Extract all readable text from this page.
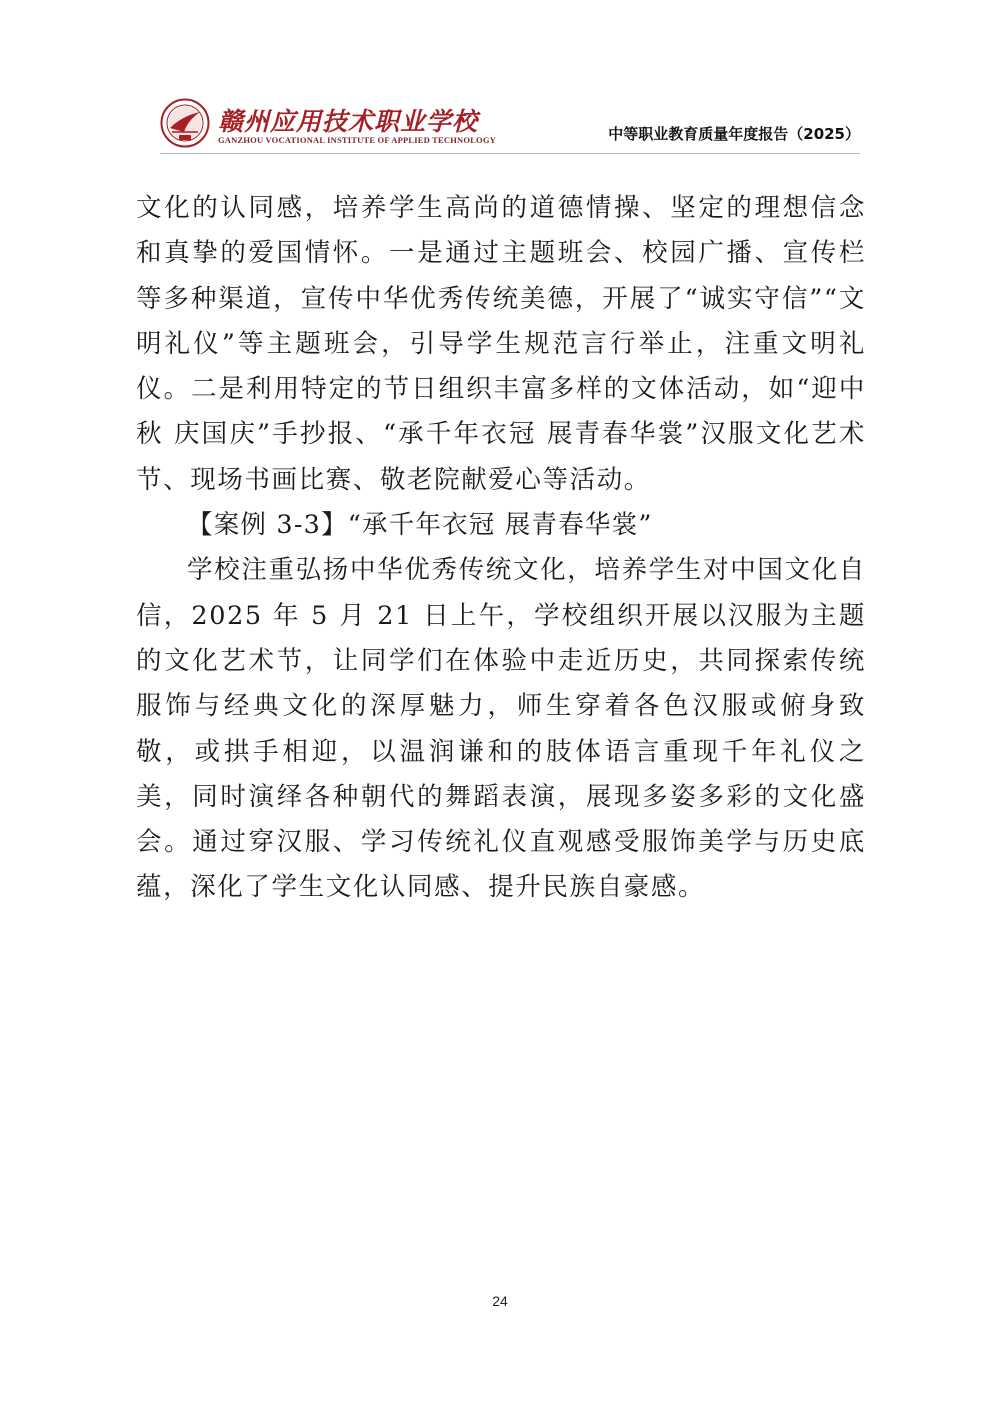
赣州应用技术职业学校
GANZHOU VOCATIONAL INSTITUTE OF APPLIED TECHNOLOGY	中等职业教育质量年度报告（2025）

文化的认同感，培养学生高尚的道德情操、坚定的理想信念和真挚的爱国情怀。一是通过主题班会、校园广播、宣传栏等多种渠道，宣传中华优秀传统美德，开展了“诚实守信”“文明礼仪”等主题班会，引导学生规范言行举止，注重文明礼仪。二是利用特定的节日组织丰富多样的文体活动，如“迎中秋 庆国庆”手抄报、“承千年衣冠 展青春华裳”汉服文化艺术节、现场书画比赛、敬老院献爱心等活动。

【案例 3-3】“承千年衣冠 展青春华裳”

学校注重弘扬中华优秀传统文化，培养学生对中国文化自信，2025 年 5 月 21 日上午，学校组织开展以汉服为主题的文化艺术节，让同学们在体验中走近历史，共同探索传统服饰与经典文化的深厚魅力，师生穿着各色汉服或俯身致敬，或拱手相迎，以温润谦和的肢体语言重现千年礼仪之美，同时演绎各种朝代的舞蹈表演，展现多姿多彩的文化盛会。通过穿汉服、学习传统礼仪直观感受服饰美学与历史底蕴，深化了学生文化认同感、提升民族自豪感。

24
